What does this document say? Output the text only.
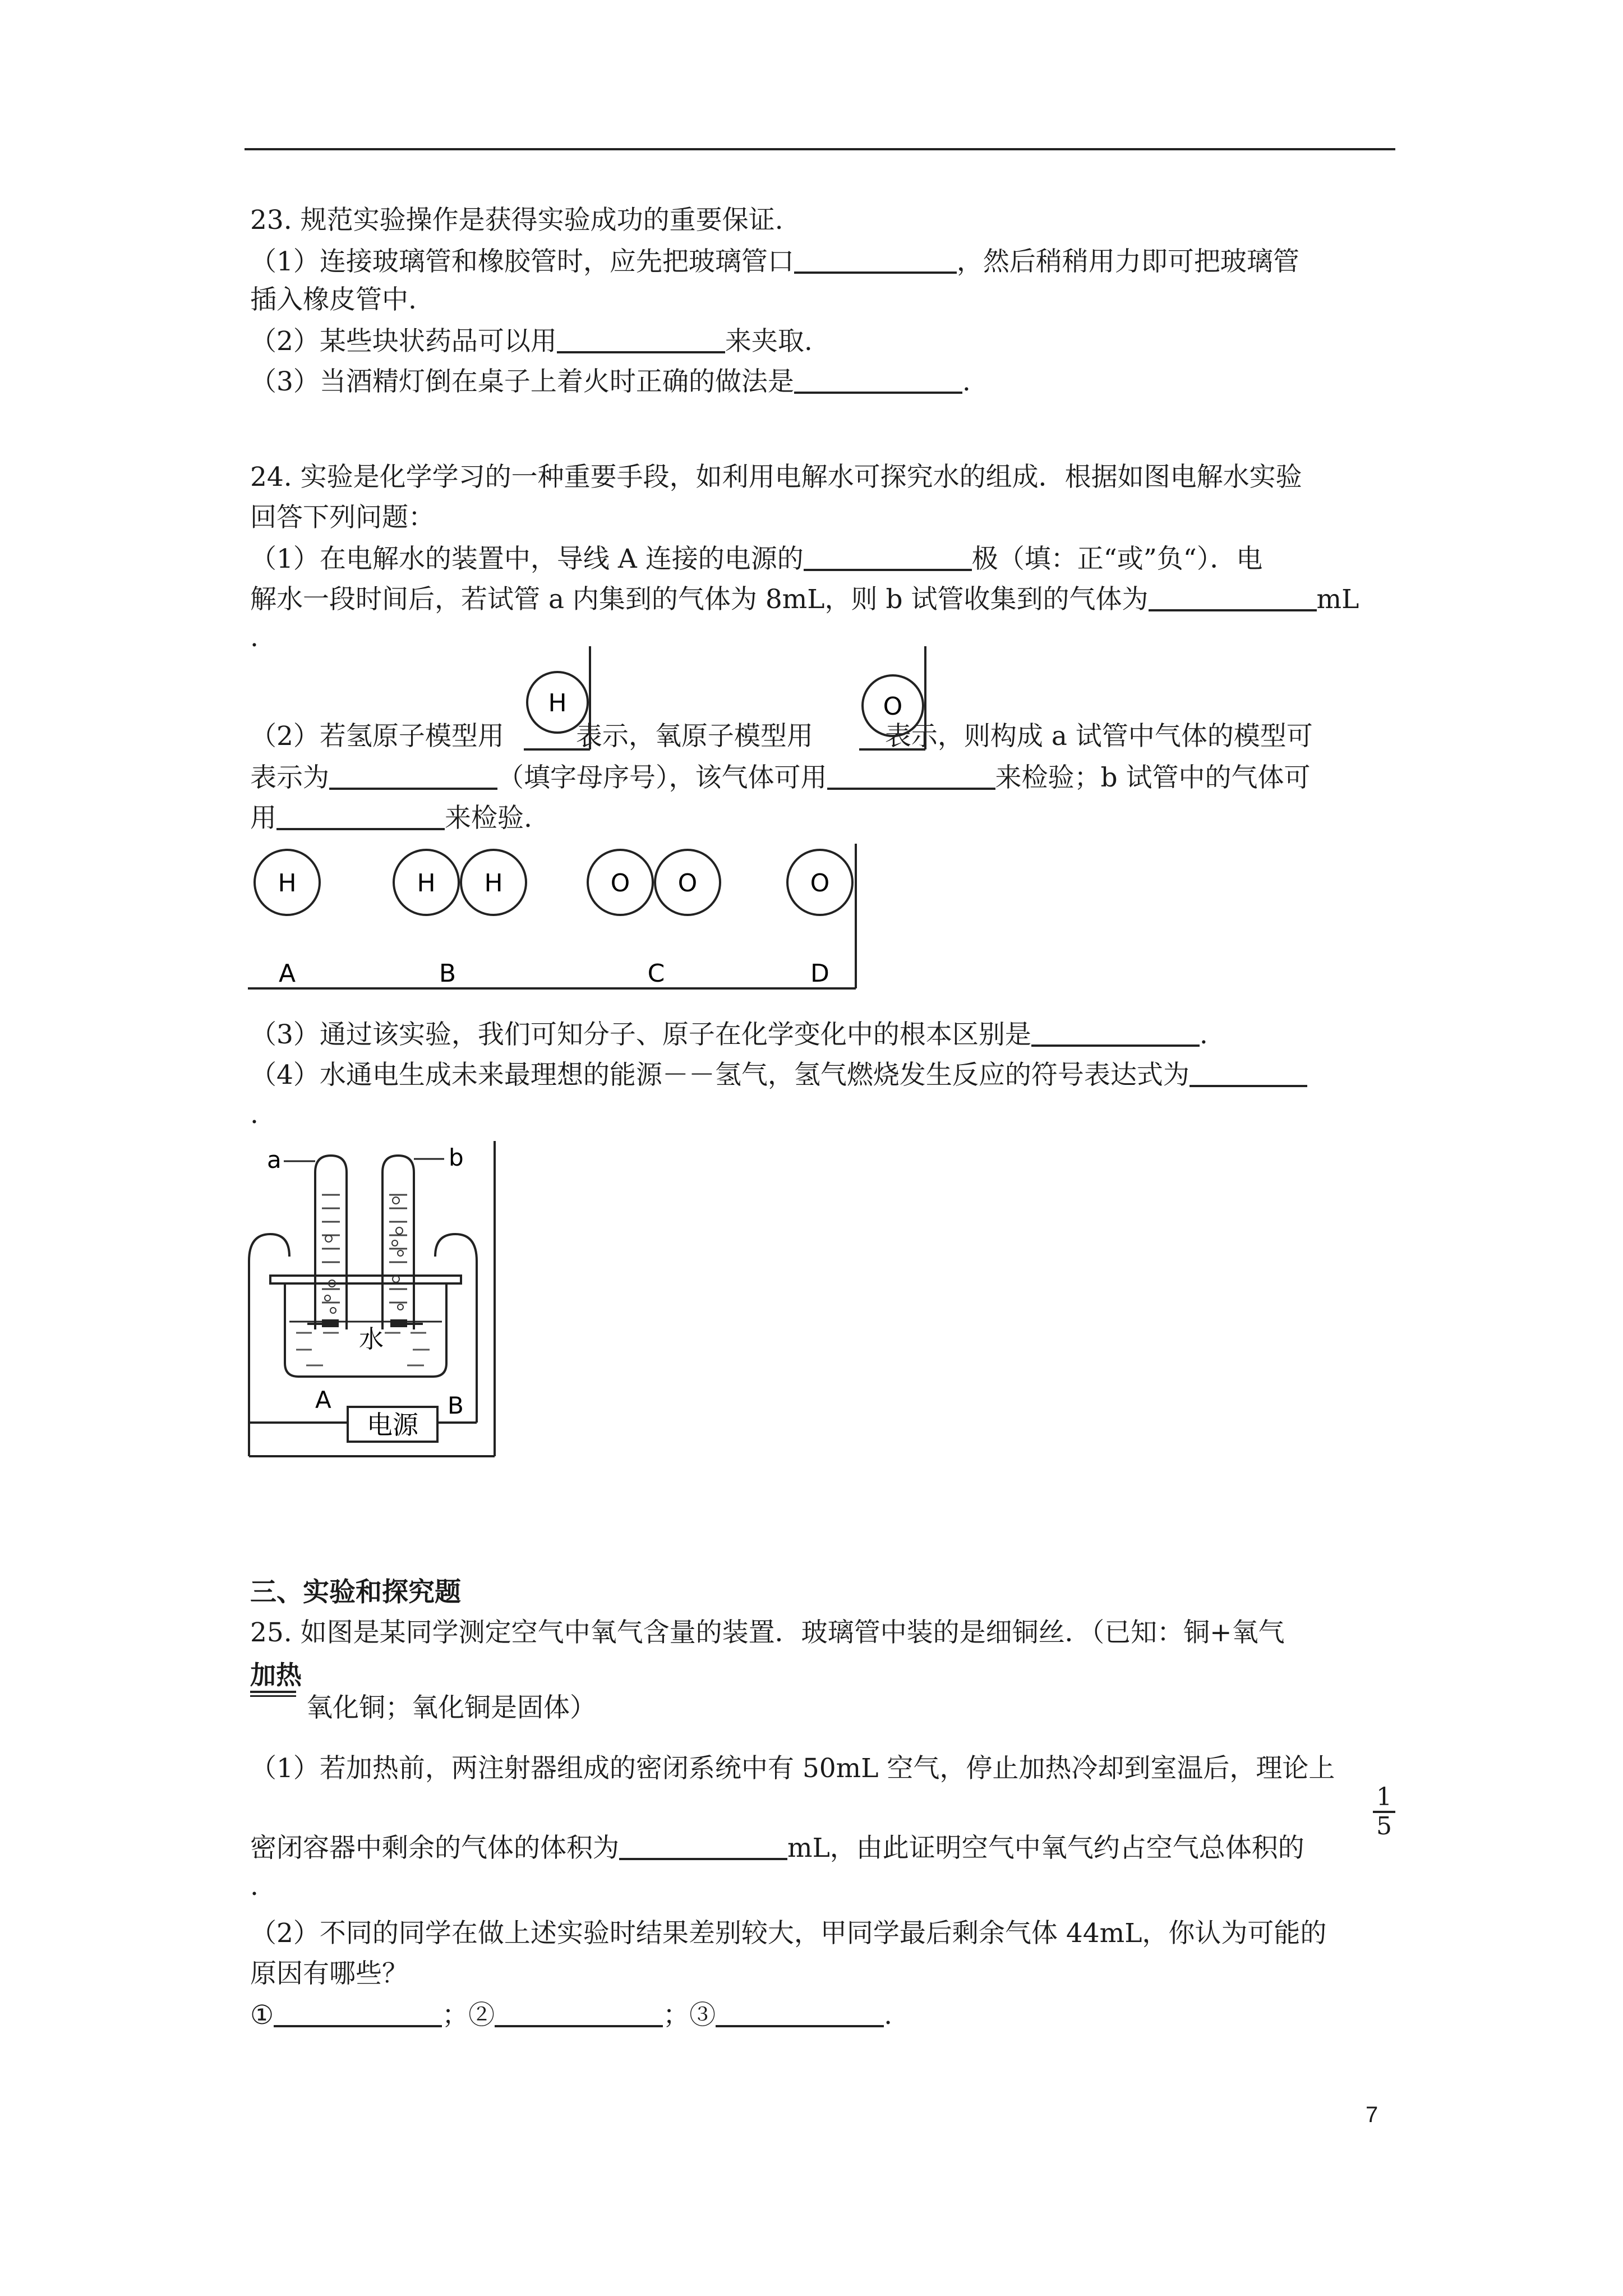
23. 规范实验操作是获得实验成功的重要保证.
（1）连接玻璃管和橡胶管时，应先把玻璃管口	，然后稍稍用力即可把玻璃管
插入橡皮管中.
（2）某些块状药品可以用	来夹取.
（3）当酒精灯倒在桌子上着火时正确的做法是	.
24. 实验是化学学习的一种重要手段，如利用电解水可探究水的组成．根据如图电解水实验
回答下列问题：
（1）在电解水的装置中，导线 A 连接的电源的	极（填：正“或”负“）．电
解水一段时间后，若试管 a 内集到的气体为 8mL，则 b 试管收集到的气体为	mL
.
（2）若氢原子模型用	表示，氧原子模型用	表示，则构成 a 试管中气体的模型可
H	O
表示为	（填字母序号），该气体可用	来检验；b 试管中的气体可
用	来检验.
H
A
H H
B
O O
C
O
D
（3）通过该实验，我们可知分子、原子在化学变化中的根本区别是	.
（4）水通电生成未来最理想的能源－－氢气，氢气燃烧发生反应的符号表达式为
.
水
a	b
A	B
电源
三、实验和探究题
25. 如图是某同学测定空气中氧气含量的装置．玻璃管中装的是细铜丝．（已知：铜+氧气
加热
氧化铜；氧化铜是固体）
（1）若加热前，两注射器组成的密闭系统中有 50mL 空气，停止加热冷却到室温后，理论上
密闭容器中剩余的气体的体积为	mL，由此证明空气中氧气约占空气总体积的
$\frac{1}{5}$
.
（2）不同的同学在做上述实验时结果差别较大，甲同学最后剩余气体 44mL，你认为可能的
原因有哪些？
①	；②	；③	.
7
